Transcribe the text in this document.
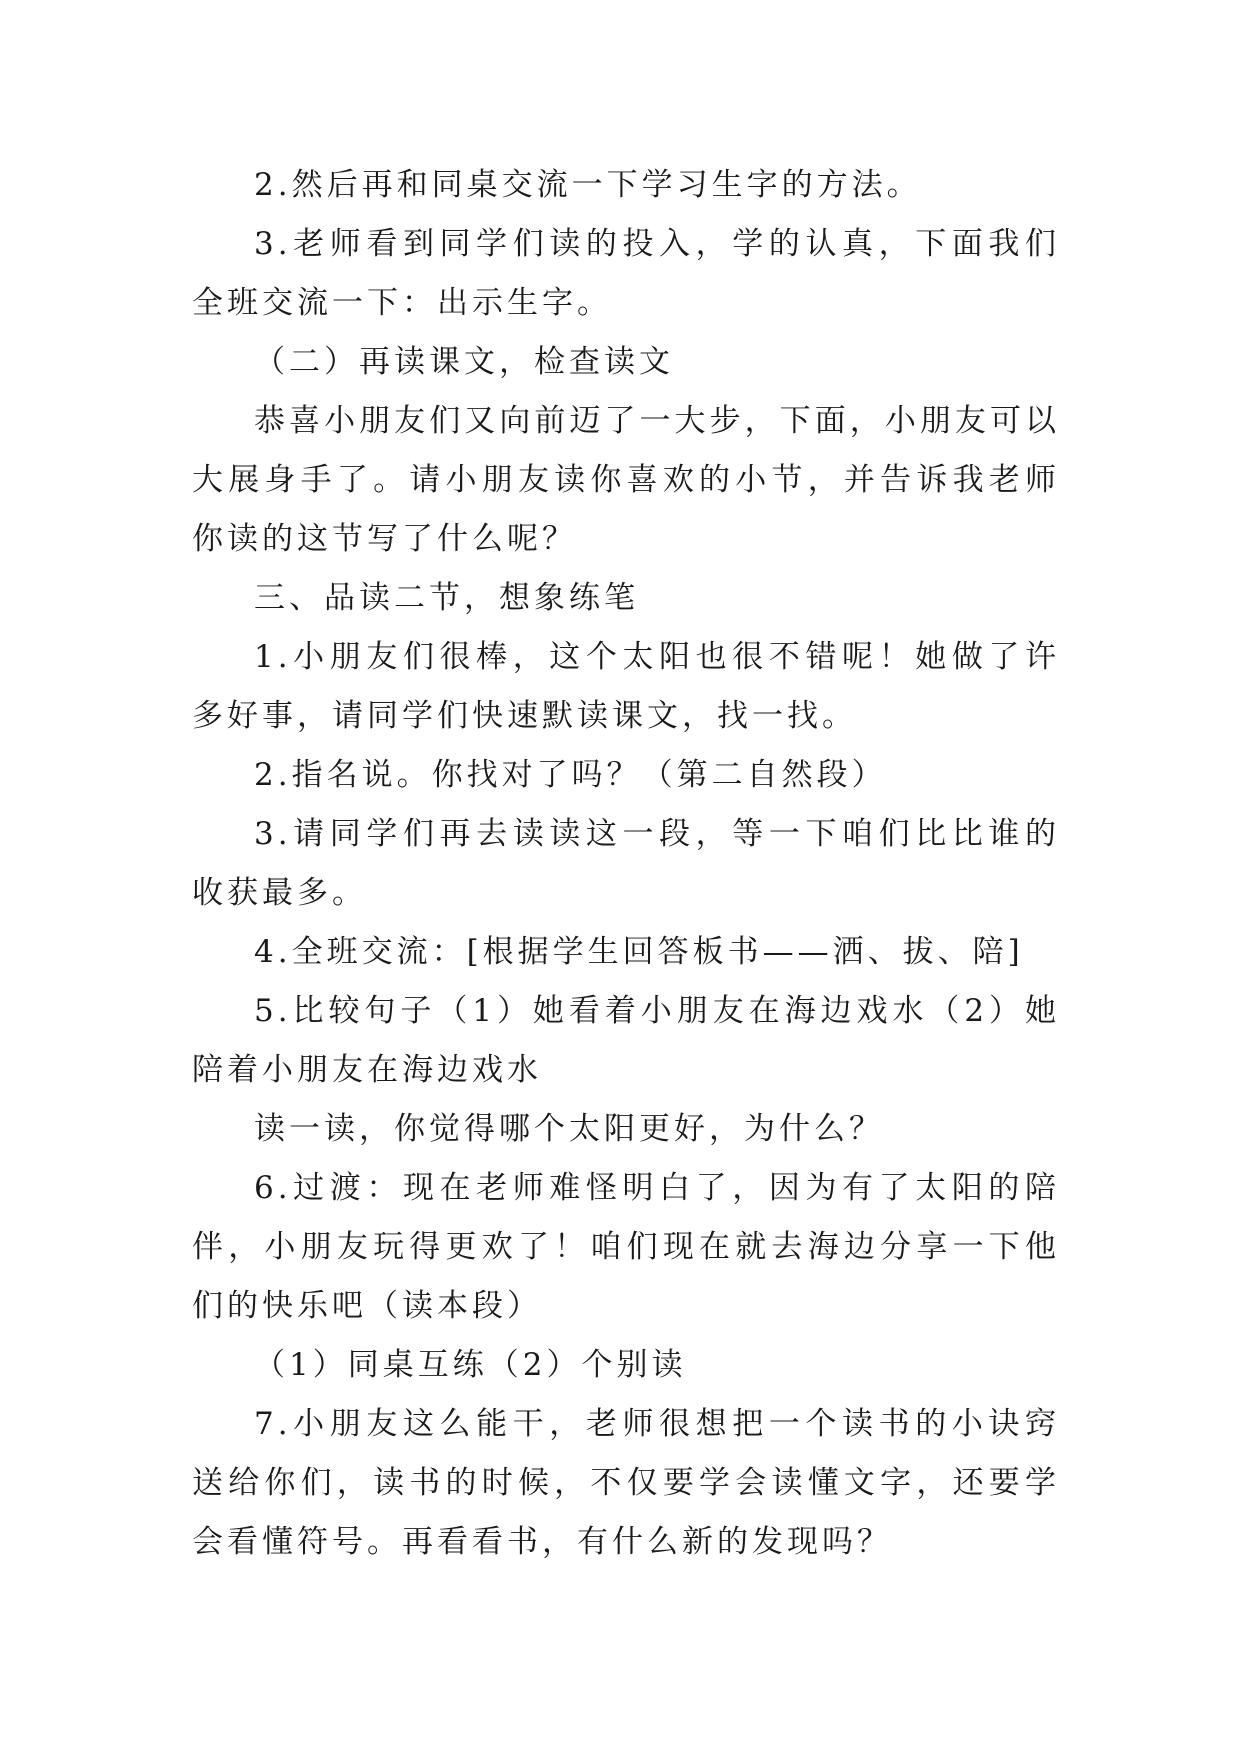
2.然后再和同桌交流一下学习生字的方法。

3.老师看到同学们读的投入，学的认真，下面我们全班交流一下：出示生字。

（二）再读课文，检查读文

恭喜小朋友们又向前迈了一大步，下面，小朋友可以大展身手了。请小朋友读你喜欢的小节，并告诉我老师你读的这节写了什么呢？

三、品读二节，想象练笔

1.小朋友们很棒，这个太阳也很不错呢！她做了许多好事，请同学们快速默读课文，找一找。

2.指名说。你找对了吗？（第二自然段）

3.请同学们再去读读这一段，等一下咱们比比谁的收获最多。

4.全班交流：[根据学生回答板书——洒、拔、陪]

5.比较句子（1）她看着小朋友在海边戏水（2）她陪着小朋友在海边戏水

读一读，你觉得哪个太阳更好，为什么？

6.过渡：现在老师难怪明白了，因为有了太阳的陪伴，小朋友玩得更欢了！咱们现在就去海边分享一下他们的快乐吧（读本段）

（1）同桌互练（2）个别读

7.小朋友这么能干，老师很想把一个读书的小诀窍送给你们，读书的时候，不仅要学会读懂文字，还要学会看懂符号。再看看书，有什么新的发现吗？
